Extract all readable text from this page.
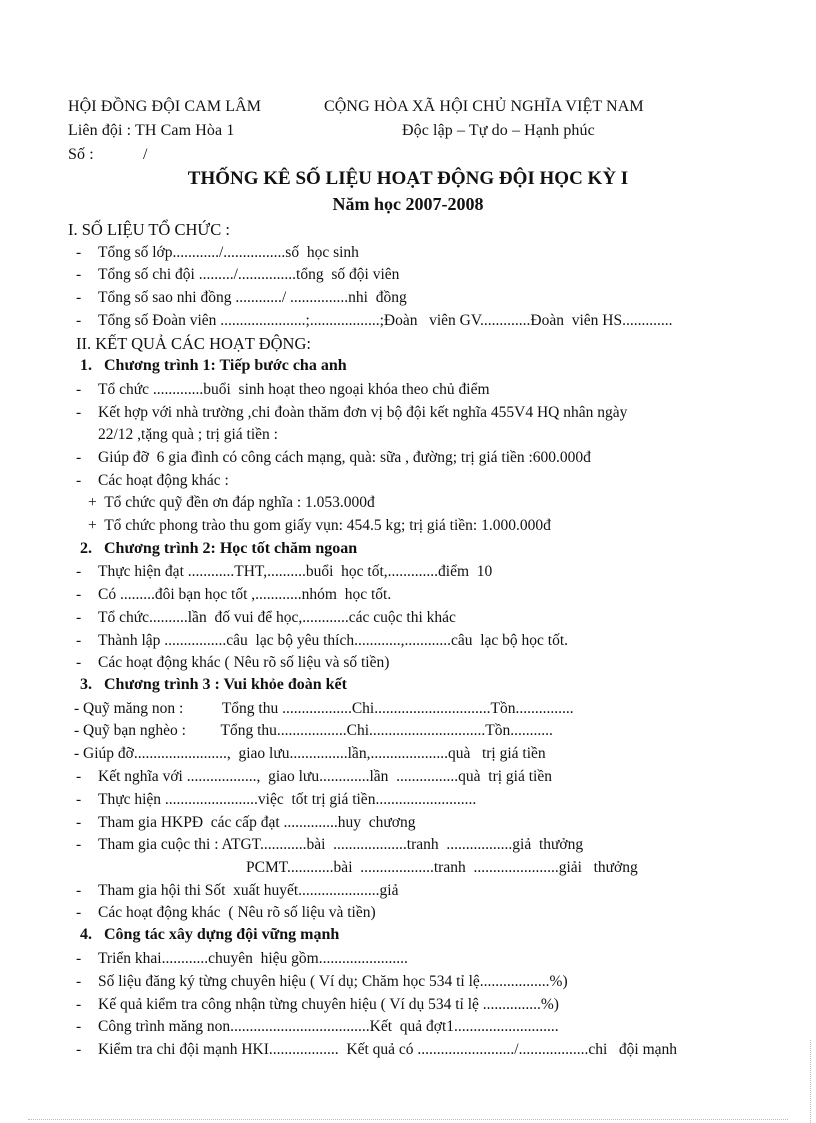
HỘI ĐỒNG ĐỘI CAM LÂM	CỘNG HÒA XÃ HỘI CHỦ NGHĨA VIỆT NAM
Liên đội : TH Cam Hòa 1	Độc lập – Tự do – Hạnh phúc
Số :            /
THỐNG KÊ SỐ LIỆU HOẠT ĐỘNG ĐỘI HỌC KỲ I
Năm học 2007-2008
I. SỐ LIỆU TỔ CHỨC :
- Tổng số lớp............/................số  học sinh
- Tổng số chi đội ........./...............tổng  số đội viên
- Tổng số sao nhi đồng ............/ ...............nhi  đồng
- Tổng số Đoàn viên ......................;..................;Đoàn   viên GV.............Đoàn  viên HS.............
II. KẾT QUẢ CÁC HOẠT ĐỘNG:
1.   Chương trình 1: Tiếp bước cha anh
- Tổ chức .............buổi  sinh hoạt theo ngoại khóa theo chủ điểm
- Kết hợp với nhà trường ,chi đoàn thăm đơn vị bộ đội kết nghĩa 455V4 HQ nhân ngày
22/12 ,tặng quà ; trị giá tiền :
- Giúp đỡ  6 gia đình có công cách mạng, quà: sữa , đường; trị giá tiền :600.000đ
- Các hoạt động khác :
+  Tổ chức quỹ đền ơn đáp nghĩa : 1.053.000đ
+  Tổ chức phong trào thu gom giấy vụn: 454.5 kg; trị giá tiền: 1.000.000đ
2.   Chương trình 2: Học tốt chăm ngoan
- Thực hiện đạt ............THT,..........buổi  học tốt,.............điểm  10
- Có .........đôi bạn học tốt ,............nhóm  học tốt.
- Tổ chức..........lần  đố vui để học,............các cuộc thi khác
- Thành lập ................câu  lạc bộ yêu thích............,............câu  lạc bộ học tốt.
- Các hoạt động khác ( Nêu rõ số liệu và số tiền)
3.   Chương trình 3 : Vui khỏe đoàn kết
- Quỹ măng non :          Tổng thu ..................Chi..............................Tồn...............
- Quỹ bạn nghèo :         Tổng thu..................Chi..............................Tồn...........
- Giúp đỡ........................,  giao lưu...............lần,....................quà   trị giá tiền
- Kết nghĩa với ..................,  giao lưu.............lần  ................quà  trị giá tiền
- Thực hiện ........................việc  tốt trị giá tiền..........................
- Tham gia HKPĐ  các cấp đạt ..............huy  chương
- Tham gia cuộc thi : ATGT............bài  ...................tranh  .................giả  thưởng
PCMT............bài  ...................tranh  ......................giải   thưởng
- Tham gia hội thi Sốt  xuất huyết.....................giả
- Các hoạt động khác  ( Nêu rõ số liệu và tiền)
4.   Công tác xây dựng đội vững mạnh
- Triển khai............chuyên  hiệu gồm.......................
- Số liệu đăng ký từng chuyên hiệu ( Ví dụ; Chăm học 534 tỉ lệ..................%)
- Kế quả kiểm tra công nhận từng chuyên hiệu ( Ví dụ 534 tỉ lệ ...............%)
- Công trình măng non....................................Kết  quả đợt1...........................
- Kiểm tra chi đội mạnh HKI..................  Kết quả có ........................./..................chi   đội mạnh
